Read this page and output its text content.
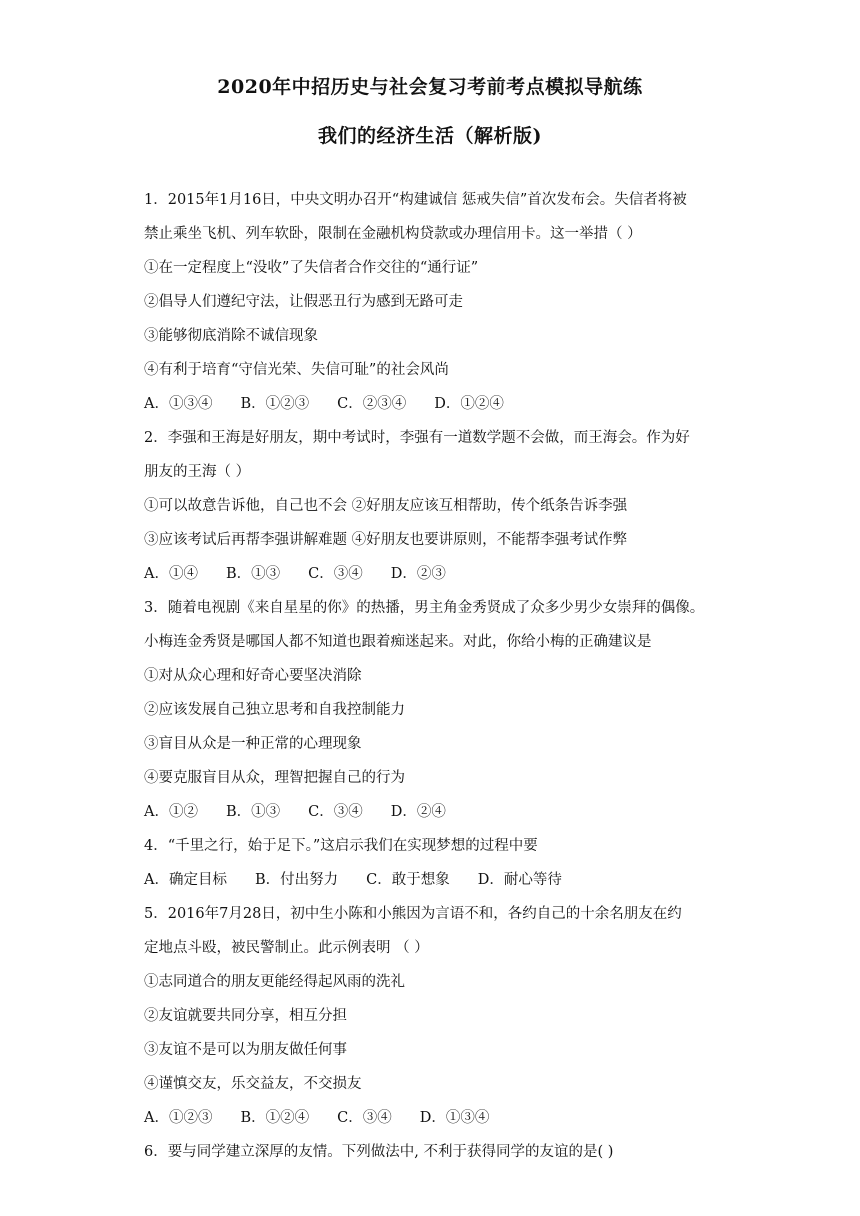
2020年中招历史与社会复习考前考点模拟导航练
我们的经济生活（解析版)
1．2015年1月16日，中央文明办召开“构建诚信 惩戒失信”首次发布会。失信者将被
禁止乘坐飞机、列车软卧，限制在金融机构贷款或办理信用卡。这一举措（ ）
①在一定程度上“没收”了失信者合作交往的“通行证”
②倡导人们遵纪守法，让假恶丑行为感到无路可走
③能够彻底消除不诚信现象
④有利于培育“守信光荣、失信可耻”的社会风尚
A．①③④ B．①②③ C．②③④ D．①②④
2．李强和王海是好朋友，期中考试时，李强有一道数学题不会做，而王海会。作为好
朋友的王海（ ）
①可以故意告诉他，自己也不会 ②好朋友应该互相帮助，传个纸条告诉李强
③应该考试后再帮李强讲解难题 ④好朋友也要讲原则，不能帮李强考试作弊
A．①④ B．①③ C．③④ D．②③
3．随着电视剧《来自星星的你》的热播，男主角金秀贤成了众多少男少女崇拜的偶像。
小梅连金秀贤是哪国人都不知道也跟着痴迷起来。对此，你给小梅的正确建议是
①对从众心理和好奇心要坚决消除
②应该发展自己独立思考和自我控制能力
③盲目从众是一种正常的心理现象
④要克服盲目从众，理智把握自己的行为
A．①② B．①③ C．③④ D．②④
4．“千里之行，始于足下。”这启示我们在实现梦想的过程中要
A．确定目标 B．付出努力 C．敢于想象 D．耐心等待
5．2016年7月28日，初中生小陈和小熊因为言语不和，各约自己的十余名朋友在约
定地点斗殴，被民警制止。此示例表明 （ ）
①志同道合的朋友更能经得起风雨的洗礼
②友谊就要共同分享，相互分担
③友谊不是可以为朋友做任何事
④谨慎交友，乐交益友，不交损友
A．①②③ B．①②④ C．③④ D．①③④
6．要与同学建立深厚的友情。下列做法中, 不利于获得同学的友谊的是( )
